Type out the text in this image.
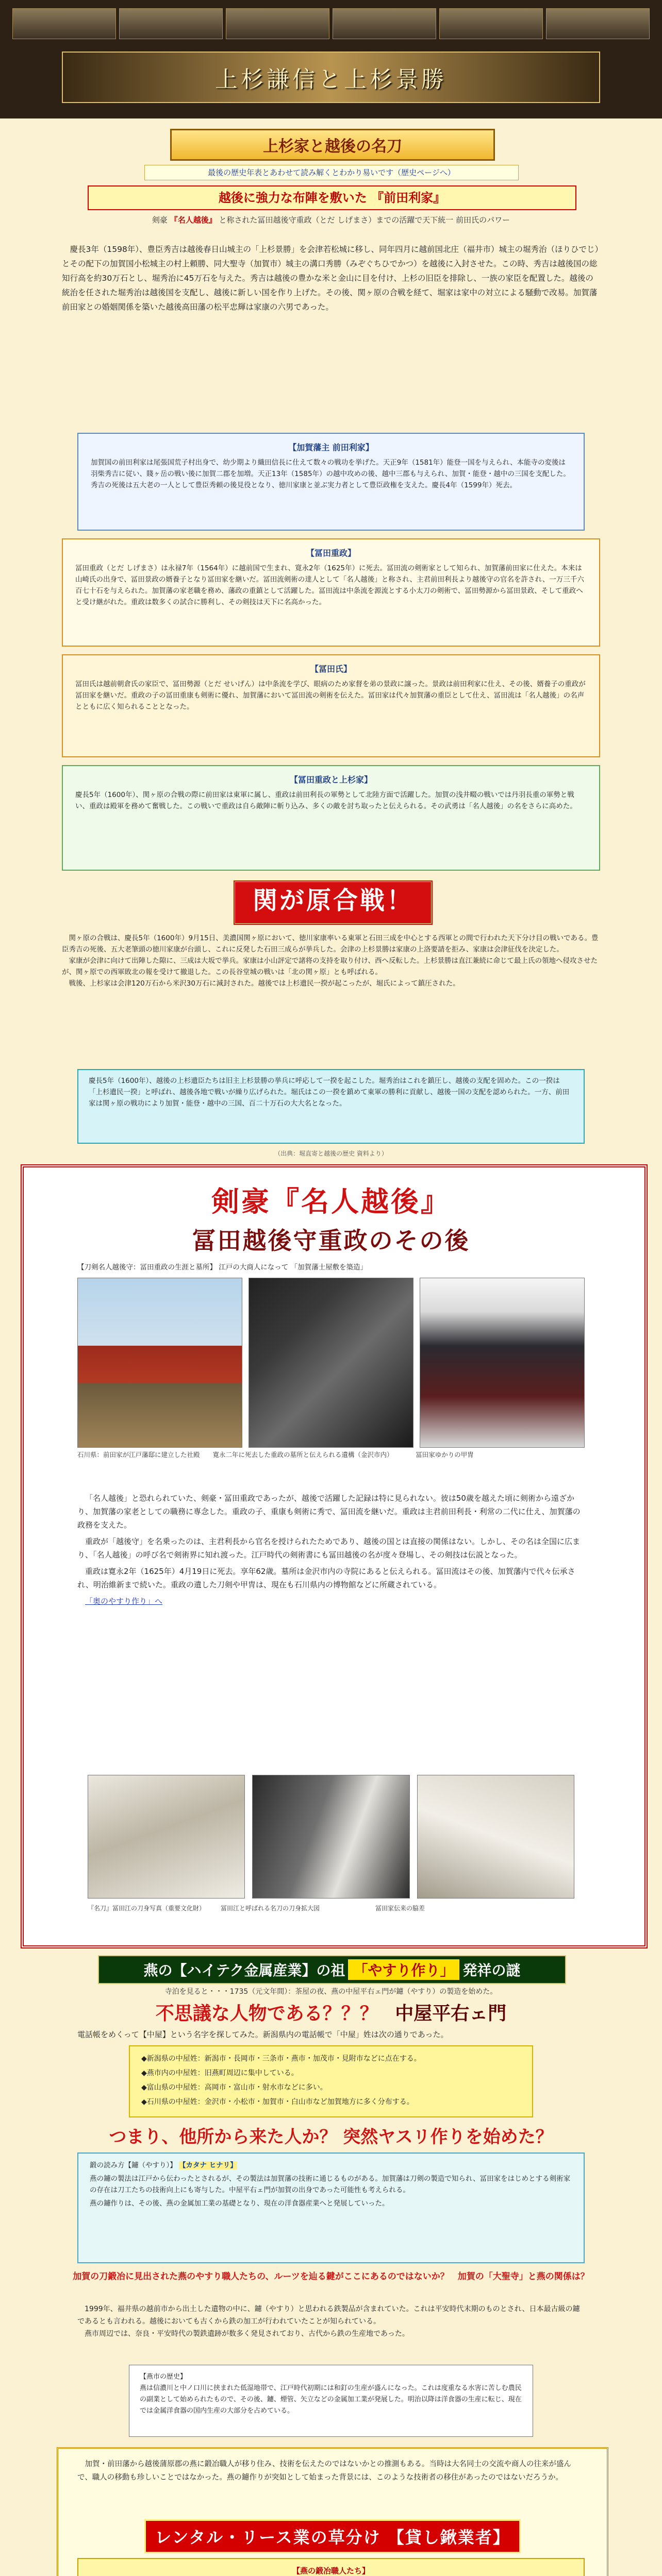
上杉謙信と上杉景勝
上杉家と越後の名刀
最後の歴史年表とあわせて読み解くとわかり易いです（歴史ページへ）
越後に強力な布陣を敷いた 『前田利家』
剣豪 『名人越後』 と称された冨田越後守重政（とだ しげまさ）までの活躍で天下統一 前田氏のパワー

慶長3年（1598年）、豊臣秀吉は越後春日山城主の「上杉景勝」を会津若松城に移し、同年四月に越前国北庄（福井市）城主の堀秀治（ほりひでじ）とその配下の加賀国小松城主の村上頼勝、同大聖寺（加賀市）城主の溝口秀勝（みぞぐちひでかつ）を越後に入封させた。この時、秀吉は越後国の総知行高を約30万石とし、堀秀治に45万石を与えた。秀吉は越後の豊かな米と金山に目を付け、上杉の旧臣を排除し、一族の家臣を配置した。越後の統治を任された堀秀治は越後国を支配し、越後に新しい国を作り上げた。その後、関ヶ原の合戦を経て、堀家は家中の対立による騒動で改易。加賀藩前田家との婚姻関係を築いた越後高田藩の松平忠輝は家康の六男であった。

【加賀藩主 前田利家】

加賀国の前田利家は尾張国荒子村出身で、幼少期より織田信長に仕えて数々の戦功を挙げた。天正9年（1581年）能登一国を与えられ、本能寺の変後は羽柴秀吉に従い、賤ヶ岳の戦い後に加賀二郡を加増。天正13年（1585年）の越中攻めの後、越中三郡も与えられ、加賀・能登・越中の三国を支配した。秀吉の死後は五大老の一人として豊臣秀頼の後見役となり、徳川家康と並ぶ実力者として豊臣政権を支えた。慶長4年（1599年）死去。

【冨田重政】

冨田重政（とだ しげまさ）は永禄7年（1564年）に越前国で生まれ、寛永2年（1625年）に死去。冨田流の剣術家として知られ、加賀藩前田家に仕えた。本来は山崎氏の出身で、冨田景政の婿養子となり冨田家を継いだ。冨田流剣術の達人として「名人越後」と称され、主君前田利長より越後守の官名を許され、一万三千六百七十石を与えられた。加賀藩の家老職を務め、藩政の重鎮として活躍した。冨田流は中条流を源流とする小太刀の剣術で、冨田勢源から冨田景政、そして重政へと受け継がれた。重政は数多くの試合に勝利し、その剣技は天下に名高かった。

【冨田氏】

冨田氏は越前朝倉氏の家臣で、冨田勢源（とだ せいげん）は中条流を学び、眼病のため家督を弟の景政に譲った。景政は前田利家に仕え、その後、婿養子の重政が冨田家を継いだ。重政の子の冨田重康も剣術に優れ、加賀藩において冨田流の剣術を伝えた。冨田家は代々加賀藩の重臣として仕え、冨田流は「名人越後」の名声とともに広く知られることとなった。

【冨田重政と上杉家】

慶長5年（1600年）、関ヶ原の合戦の際に前田家は東軍に属し、重政は前田利長の軍勢として北陸方面で活躍した。加賀の浅井畷の戦いでは丹羽長重の軍勢と戦い、重政は殿軍を務めて奮戦した。この戦いで重政は自ら敵陣に斬り込み、多くの敵を討ち取ったと伝えられる。その武勇は「名人越後」の名をさらに高めた。

関が原合戦！

関ヶ原の合戦は、慶長5年（1600年）9月15日、美濃国関ヶ原において、徳川家康率いる東軍と石田三成を中心とする西軍との間で行われた天下分け目の戦いである。豊臣秀吉の死後、五大老筆頭の徳川家康が台頭し、これに反発した石田三成らが挙兵した。会津の上杉景勝は家康の上洛要請を拒み、家康は会津征伐を決定した。

家康が会津に向けて出陣した隙に、三成は大坂で挙兵。家康は小山評定で諸将の支持を取り付け、西へ反転した。上杉景勝は直江兼続に命じて最上氏の領地へ侵攻させたが、関ヶ原での西軍敗北の報を受けて撤退した。この長谷堂城の戦いは「北の関ヶ原」とも呼ばれる。

戦後、上杉家は会津120万石から米沢30万石に減封された。越後では上杉遺民一揆が起こったが、堀氏によって鎮圧された。

慶長5年（1600年）、越後の上杉遺臣たちは旧主上杉景勝の挙兵に呼応して一揆を起こした。堀秀治はこれを鎮圧し、越後の支配を固めた。この一揆は「上杉遺民一揆」と呼ばれ、越後各地で戦いが繰り広げられた。堀氏はこの一揆を鎮めて東軍の勝利に貢献し、越後一国の支配を認められた。一方、前田家は関ヶ原の戦功により加賀・能登・越中の三国、百二十万石の大大名となった。

（出典：堀直寄と越後の歴史 資料より）
剣豪『名人越後』
冨田越後守重政のその後
【刀剣名人越後守：冨田重政の生涯と墓所】 江戸の大商人になって 「加賀藩士屋敷を築造」
石川県：前田家が江戸藩邸に建立した社殿　　寛永二年に死去した重政の墓所と伝えられる遺構（金沢市内）　　　　冨田家ゆかりの甲冑

「名人越後」と恐れられていた、剣豪・冨田重政であったが、越後で活躍した記録は特に見られない。彼は50歳を越えた頃に剣術から遠ざかり、加賀藩の家老としての職務に専念した。重政の子、重康も剣術に秀で、冨田流を継いだ。重政は主君前田利長・利常の二代に仕え、加賀藩の政務を支えた。

重政が「越後守」を名乗ったのは、主君利長から官名を授けられたためであり、越後の国とは直接の関係はない。しかし、その名は全国に広まり、「名人越後」の呼び名で剣術界に知れ渡った。江戸時代の剣術書にも冨田越後の名が度々登場し、その剣技は伝説となった。

重政は寛永2年（1625年）4月19日に死去。享年62歳。墓所は金沢市内の寺院にあると伝えられる。冨田流はその後、加賀藩内で代々伝承され、明治維新まで続いた。重政の遺した刀剣や甲冑は、現在も石川県内の博物館などに所蔵されている。

「奥のやすり作り」へ

『名刀』冨田江の刀身写真（重要文化財）　　　冨田江と呼ばれる名刀の刀身拡大図　　　　　　　　　冨田家伝来の脇差
燕の【ハイテク金属産業】の祖 「やすり作り」 発祥の謎
寺泊を見ると・・・1735（元文年間）：茶屋の夜、燕の中屋平右ェ門が鑢（やすり）の製造を始めた。
不思議な人物である？？？ 中屋平右ェ門
電話帳をめくって【中屋】という名字を探してみた。新潟県内の電話帳で「中屋」姓は次の通りであった。

◆新潟県の中屋姓：新潟市・長岡市・三条市・燕市・加茂市・見附市などに点在する。

◆燕市内の中屋姓：旧燕町周辺に集中している。

◆富山県の中屋姓：高岡市・富山市・射水市などに多い。

◆石川県の中屋姓：金沢市・小松市・加賀市・白山市など加賀地方に多く分布する。

つまり、他所から来た人か？ 突然ヤスリ作りを始めた？

鍛の読み方【鑢（やすり）】 【カタナ ヒナリ】

燕の鑢の製法は江戸から伝わったとされるが、その製法は加賀藩の技術に通じるものがある。加賀藩は刀剣の製造で知られ、冨田家をはじめとする剣術家の存在は刀工たちの技術向上にも寄与した。中屋平右ェ門が加賀の出身であった可能性も考えられる。

燕の鑢作りは、その後、燕の金属加工業の基礎となり、現在の洋食器産業へと発展していった。

加賀の刀鍛冶に見出された燕のやすり職人たちの、ルーツを辿る鍵がここにあるのではないか？　加賀の「大聖寺」と燕の関係は？

1999年、福井県の越前市から出土した遺物の中に、鑢（やすり）と思われる鉄製品が含まれていた。これは平安時代末期のものとされ、日本最古級の鑢であるとも言われる。越後においても古くから鉄の加工が行われていたことが知られている。

燕市周辺では、奈良・平安時代の製鉄遺跡が数多く発見されており、古代から鉄の生産地であった。

【燕市の歴史】

燕は信濃川と中ノ口川に挟まれた低湿地帯で、江戸時代初期には和釘の生産が盛んになった。これは度重なる水害に苦しむ農民の副業として始められたもので、その後、鑢、煙管、矢立などの金属加工業が発展した。明治以降は洋食器の生産に転じ、現在では金属洋食器の国内生産の大部分を占めている。

加賀・前田藩から越後蒲原郡の燕に鍛冶職人が移り住み、技術を伝えたのではないかとの推測もある。当時は大名同士の交流や商人の往来が盛んで、職人の移動も珍しいことではなかった。燕の鑢作りが突如として始まった背景には、このような技術者の移住があったのではないだろうか。

レンタル・リース業の草分け 【貸し鍬業者】
【燕の鍛冶職人たち】
